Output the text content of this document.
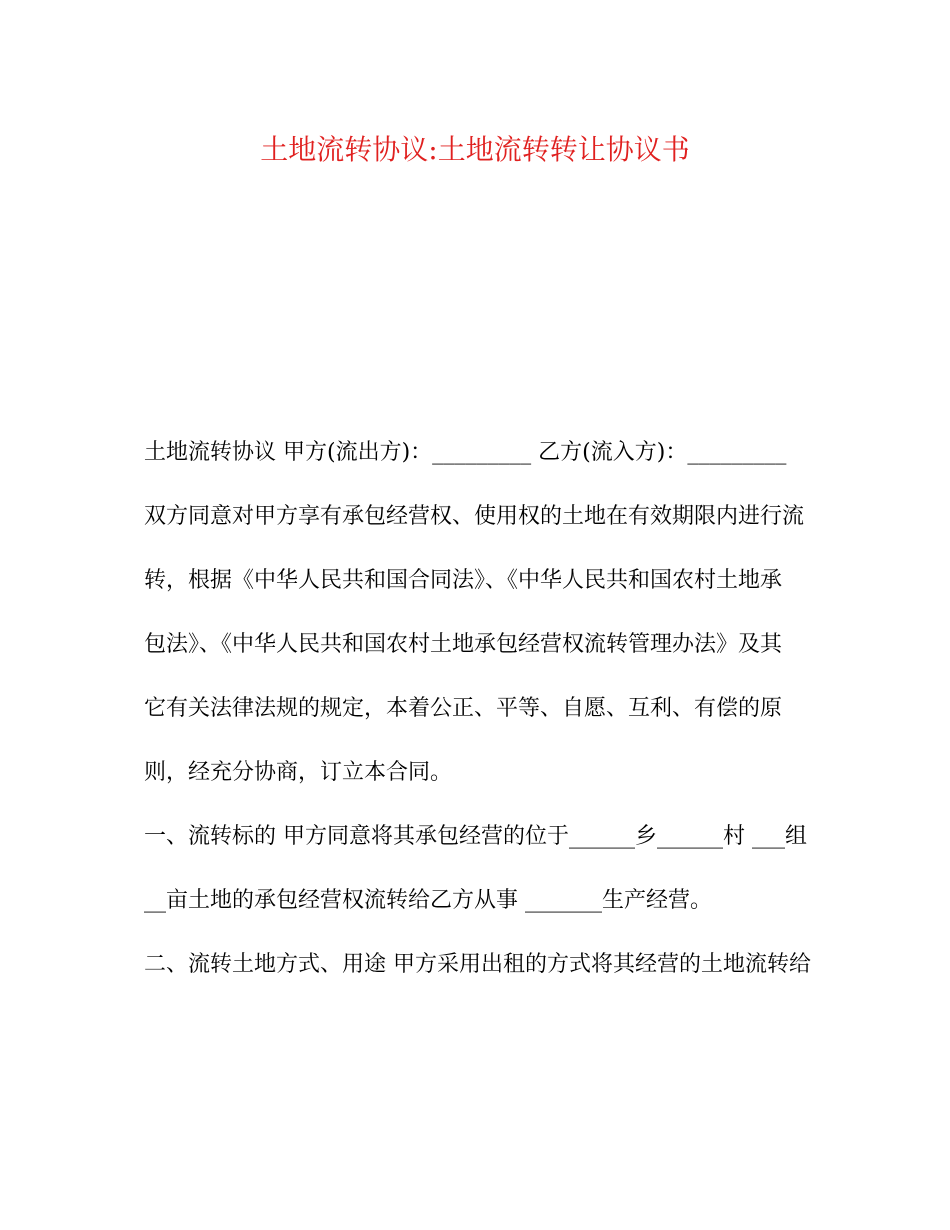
土地流转协议:土地流转转让协议书
土地流转协议 甲方(流出方)：_________ 乙方(流入方)：_________
双方同意对甲方享有承包经营权、使用权的土地在有效期限内进行流
转，根据《中华人民共和国合同法》、《中华人民共和国农村土地承
包法》、《中华人民共和国农村土地承包经营权流转管理办法》及其
它有关法律法规的规定，本着公正、平等、自愿、互利、有偿的原
则，经充分协商，订立本合同。
一、流转标的 甲方同意将其承包经营的位于______乡______村 ___组
__亩土地的承包经营权流转给乙方从事 _______生产经营。
二、流转土地方式、用途 甲方采用出租的方式将其经营的土地流转给
